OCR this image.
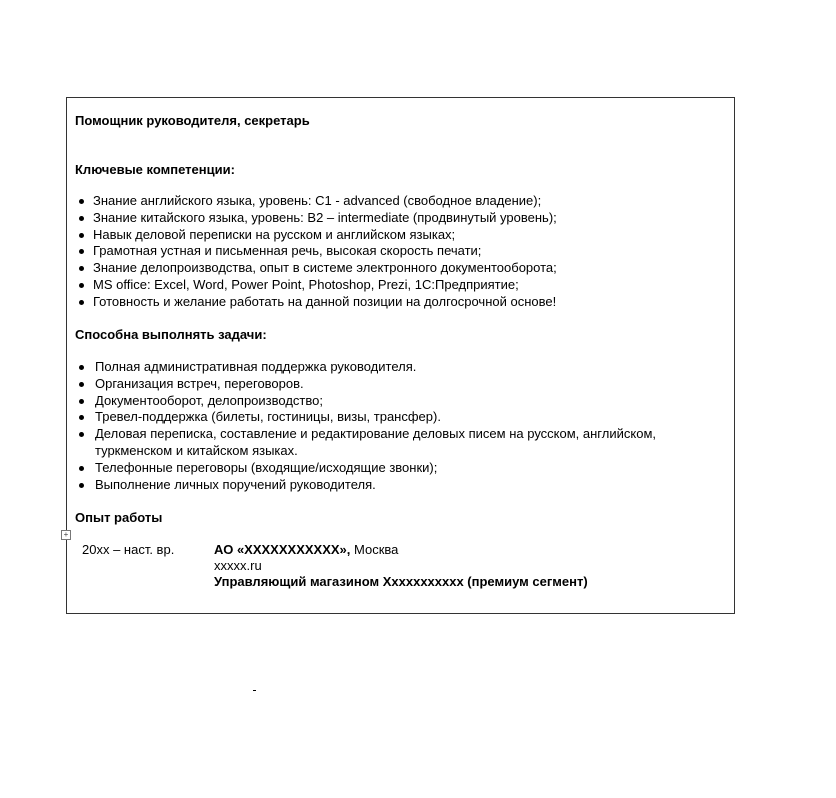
Помощник руководителя, секретарь
Ключевые компетенции:
Знание английского языка, уровень: С1 - advanced (свободное владение);
Знание китайского языка, уровень: В2 – intermediate (продвинутый уровень);
Навык деловой переписки на русском и английском языках;
Грамотная устная и письменная речь, высокая скорость печати;
Знание делопроизводства, опыт в системе электронного документооборота;
MS office: Excel, Word, Power Point, Photoshop, Prezi, 1С:Предприятие;
Готовность и желание работать на данной позиции на долгосрочной основе!
Способна выполнять задачи:
Полная административная поддержка руководителя.
Организация встреч, переговоров.
Документооборот, делопроизводство;
Тревел-поддержка (билеты, гостиницы, визы, трансфер).
Деловая переписка, составление и редактирование деловых писем на русском, английском, туркменском и китайском языках.
Телефонные переговоры (входящие/исходящие звонки);
Выполнение личных поручений руководителя.
Опыт работы
+
20хх – наст. вр.	АО «ХХХХХХХХХХХ», Москва
xxxxx.ru
Управляющий магазином Ххххххххххх (премиум сегмент)
